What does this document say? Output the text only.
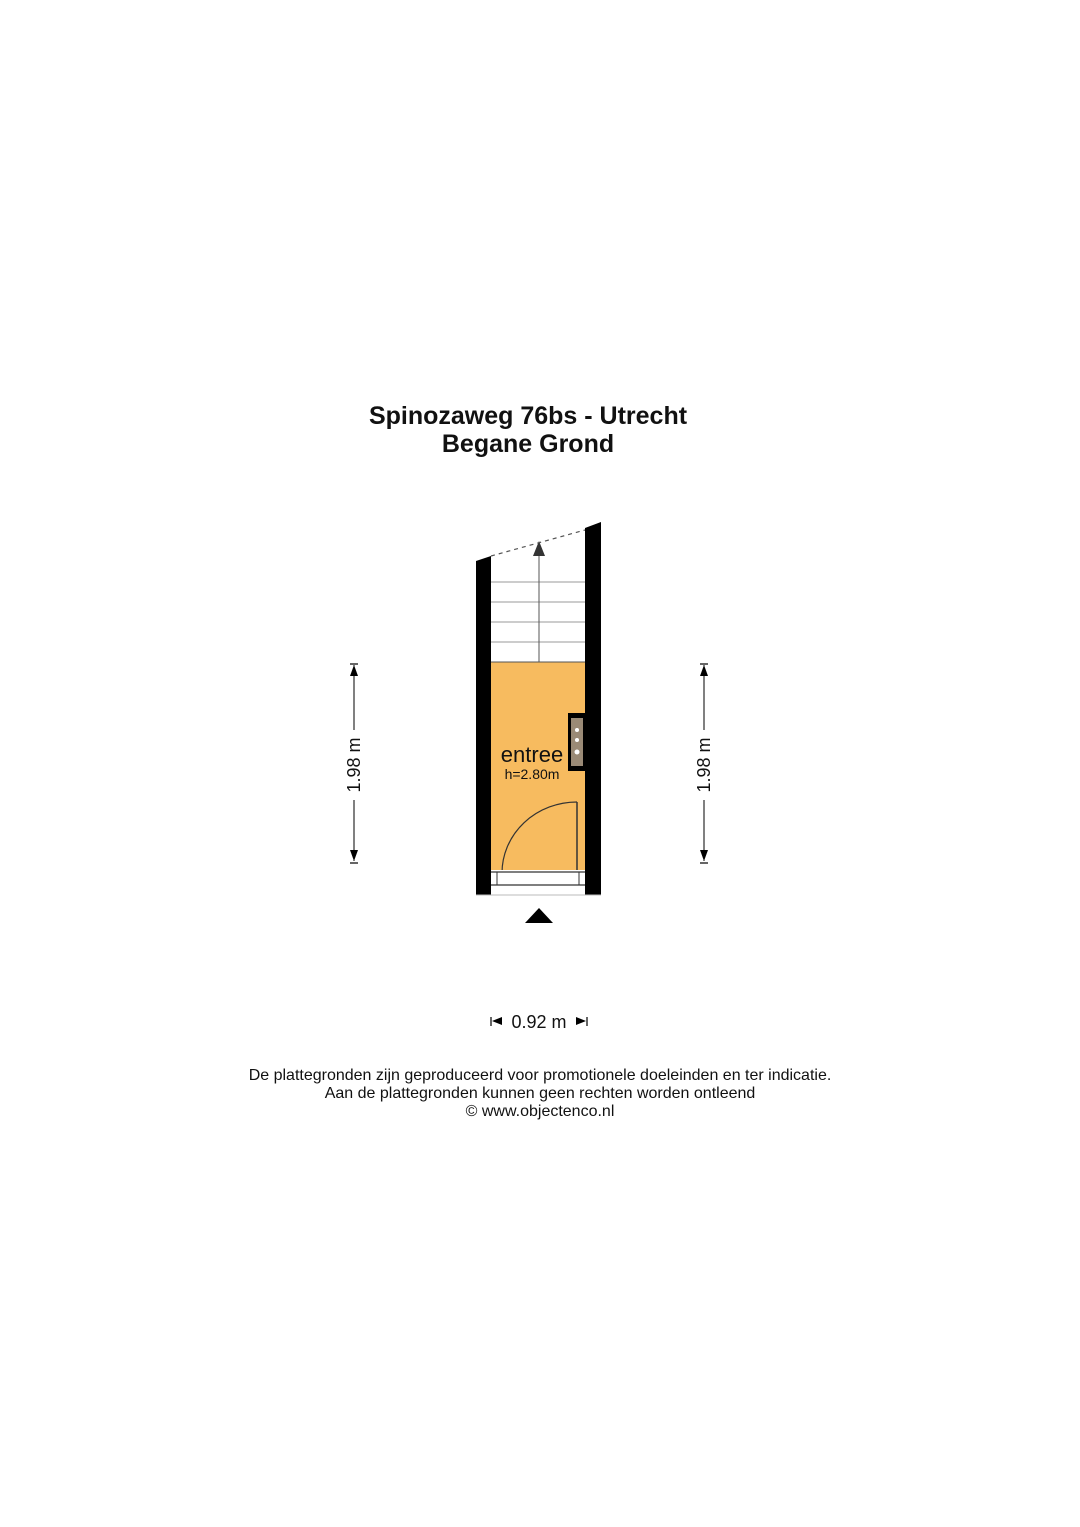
Spinozaweg 76bs - Utrecht
Begane Grond
entree
h=2.80m
1.98 m	1.98 m
0.92 m
De plattegronden zijn geproduceerd voor promotionele doeleinden en ter indicatie.
Aan de plattegronden kunnen geen rechten worden ontleend
© www.objectenco.nl
